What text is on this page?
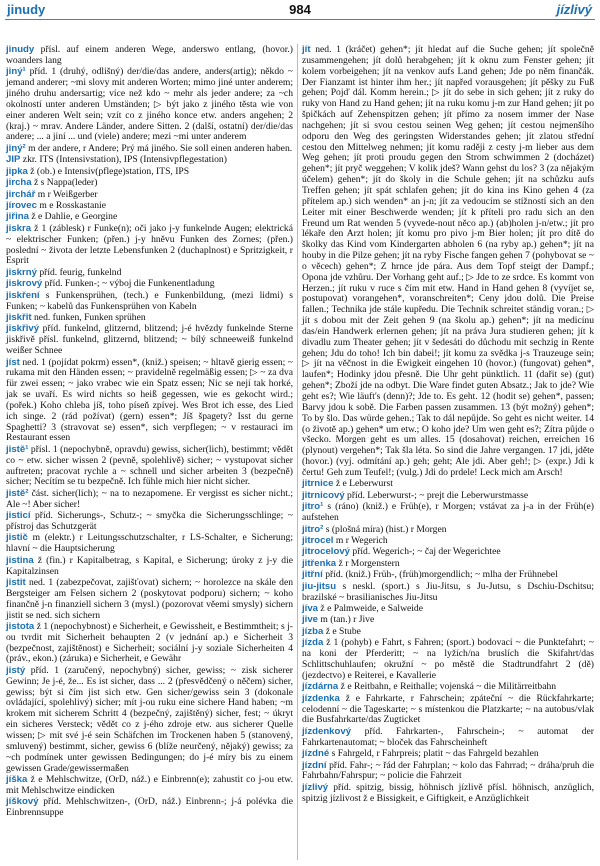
jinudy	984	jízlivý
jinudy přísl. auf einem anderen Wege, anderswo entlang, (hovor.) woanders lang
jiný¹ příd. 1 (druhý, odlišný) der/die/das andere, anders(artig); někdo ~ jemand anderer; ~mi slovy mit anderen Worten; mimo jiné unter anderem; jiného druhu andersartig; více než kdo ~ mehr als jeder andere; za ~ch okolností unter anderen Umständen; ▷ být jako z jiného těsta wie von einer anderen Welt sein; vzít co z jiného konce etw. anders angehen; 2 (kraj.) ~ mrav. Andere Länder, andere Sitten. 2 (další, ostatní) der/die/das andere; ... a jiní ... und (viele) andere; mezi ~mi unter anderem
jiný² m der andere, r Andere; Prý má jiného. Sie soll einen anderen haben.
JIP zkr. ITS (Intensivstation), IPS (Intensivpflegestation)
jipka ž (ob.) e Intensiv(pflege)station, ITS, IPS
jircha ž s Nappa(leder)
jirchář m r Weißgerber
jírovec m e Rosskastanie
jiřina ž e Dahlie, e Georgine
jiskra ž 1 (záblesk) r Funke(n); oči jako j-y funkelnde Augen; elektrická ~ elektrischer Funken; (přen.) j-y hněvu Funken des Zornes; (přen.) poslední ~ života der letzte Lebensfunken 2 (duchaplnost) e Spritzigkeit, r Esprit
jiskrný příd. feurig, funkelnd
jiskrový příd. Funken-; ~ výboj die Funkenentladung
jiskření s Funkensprühen, (tech.) e Funkenbildung, (mezi lidmi) s Funken; ~ kabelů das Funkensprühen von Kabeln
jiskřit ned. funken, Funken sprühen
jiskřivý příd. funkelnd, glitzernd, blitzend; j-é hvězdy funkelnde Sterne jiskřivě přísl. funkelnd, glitzernd, blitzend; ~ bílý schneeweiß funkelnd weißer Schnee
jíst ned. 1 (pojídat pokrm) essen*, (kniž.) speisen; ~ hltavě gierig essen; ~ rukama mit den Händen essen; ~ pravidelně regelmäßig essen; ▷ ~ za dva für zwei essen; ~ jako vrabec wie ein Spatz essen; Nic se nejí tak horké, jak se uvaří. Es wird nichts so heiß gegessen, wie es gekocht wird.; (pořek.) Koho chleba jíš, toho píseň zpívej. Wes Brot ich esse, des Lied ich singe. 2 (rád požívat) (gern) essen*; Jíš špagety? Isst du gerne Spaghetti? 3 (stravovat se) essen*, sich verpflegen; ~ v restauraci im Restaurant essen
jistě¹ přísl. 1 (nepochybně, opravdu) gewiss, sicher(lich), bestimmt; vědět co ~ etw. sicher wissen 2 (pevně, spolehlivě) sicher; ~ vystupovat sicher auftreten; pracovat rychle a ~ schnell und sicher arbeiten 3 (bezpečně) sicher; Necítím se tu bezpečně. Ich fühle mich hier nicht sicher.
jistě² část. sicher(lich); ~ na to nezapomene. Er vergisst es sicher nicht.; Ale ~! Aber sicher!
jisticí příd. Sicherungs-, Schutz-; ~ smyčka die Sicherungsschlinge; ~ přístroj das Schutzgerät
jistič m (elektr.) r Leitungsschutzschalter, r LS-Schalter, e Sicherung; hlavní ~ die Hauptsicherung
jistina ž (fin.) r Kapitalbetrag, s Kapital, e Sicherung; úroky z j-y die Kapitalzinsen
jistit ned. 1 (zabezpečovat, zajišťovat) sichern; ~ horolezce na skále den Bergsteiger am Felsen sichern 2 (poskytovat podporu) sichern; ~ koho finančně j-n finanziell sichern 3 (mysl.) (pozorovat věemi smysly) sichern jistit se ned. sich sichern
jistota ž 1 (nepochybnost) e Sicherheit, e Gewissheit, e Bestimmtheit; s j-ou tvrdit mit Sicherheit behaupten 2 (v jednání ap.) e Sicherheit 3 (bezpečnost, zajištěnost) e Sicherheit; sociální j-y soziale Sicherheiten 4 (práv., ekon.) (záruka) e Sicherheit, e Gewähr
jistý příd. 1 (zaručený, nepochybný) sicher, gewiss; ~ zisk sicherer Gewinn; Je j-é, že... Es ist sicher, dass ... 2 (přesvědčený o něčem) sicher, gewiss; být si čím jist sich etw. Gen sicher/gewiss sein 3 (dokonale ovládající, spolehlivý) sicher; mít j-ou ruku eine sichere Hand haben; ~m krokem mit sicherem Schritt 4 (bezpečný, zajištěný) sicher, fest; ~ úkryt ein sicheres Versteck; vědět co z j-ého zdroje etw. aus sicherer Quelle wissen; ▷ mít své j-é sein Schäfchen im Trockenen haben 5 (stanovený, smluvený) bestimmt, sicher, gewiss 6 (blíže neurčený, nějaký) gewiss; za ~ch podmínek unter gewissen Bedingungen; do j-é míry bis zu einem gewissen Grade/gewissermaßen
jíška ž e Mehlschwitze, (OrD, náž.) e Einbrenn(e); zahustit co j-ou etw. mit Mehlschwitze eindicken
jíškový příd. Mehlschwitzen-, (OrD, náž.) Einbrenn-; j-á polévka die Einbrennsuppe
jít ned. 1 (kráčet) gehen*; jít hledat auf die Suche gehen; jít společně zusammengehen; jít dolů herabgehen; jít k oknu zum Fenster gehen; jít kolem vorbeigehen; jít na venkov aufs Land gehen; Jde po něm finančák. Der Fianzamt ist hinter ihm her.; jít napřed vorausgehen; jít pěšky zu Fuß gehen; Pojď dál. Komm herein.; ▷ jít do sebe in sich gehen; jít z ruky do ruky von Hand zu Hand gehen; jít na ruku komu j-m zur Hand gehen; jít po špičkách auf Zehenspitzen gehen; jít přímo za nosem immer der Nase nachgehen; jít si svou cestou seinen Weg gehen; jít cestou nejmenšího odporu den Weg des geringsten Widerstandes gehen; jít zlatou střední cestou den Mittelweg nehmen; jít komu raději z cesty j-m lieber aus dem Weg gehen; jít proti proudu gegen den Strom schwimmen 2 (docházet) gehen*; jít pryč weggehen; V kolik jdeš? Wann gehst du los? 3 (za nějakým účelem) gehen*; jít do školy in die Schule gehen; jít na schůzku aufs Treffen gehen; jít spát schlafen gehen; jít do kina ins Kino gehen 4 (za přítelem ap.) sich wenden* an j-n; jít za vedoucím se stížností sich an den Leiter mit einer Beschwerde wenden; jít k příteli pro radu sich an den Freund um Rat wenden 5 (vyvede-nout něco ap.) (ab)holen j-n/etw.; jít pro lékaře den Arzt holen; jít komu pro pivo j-m Bier holen; jít pro dítě do školky das Kind vom Kindergarten abholen 6 (na ryby ap.) gehen*; jít na houby in die Pilze gehen; jít na ryby Fische fangen gehen 7 (pohybovat se ~ o věcech) gehen*; Z hrnce jde pára. Aus dem Topf steigt der Dampf.; Opona jde vzhůru. Der Vorhang geht auf.; ▷ Jde to ze srdce. Es kommt von Herzen.; jít ruku v ruce s čím mit etw. Hand in Hand gehen 8 (vyvíjet se, postupovat) vorangehen*, voranschreiten*; Ceny jdou dolů. Die Preise fallen.; Technika jde stále kupředu. Die Technik schreitet ständig voran.; ▷ jít s dobou mit der Zeit gehen 9 (na školu ap.) gehen*; jít na medicínu das/ein Handwerk erlernen gehen; jít na práva Jura studieren gehen; jít k divadlu zum Theater gehen; jít v šedesáti do důchodu mit sechzig in Rente gehen; Jdu do toho! Ich bin dabei!; jít komu za svědka j-s Trauzeuge sein; ▷ jít na věčnost in die Ewigkeit eingehen 10 (hovor.) (fungovat) gehen*, laufen*; Hodinky jdou přesně. Die Uhr geht pünktlich. 11 (dařit se) (gut) gehen*; Zboží jde na odbyt. Die Ware findet guten Absatz.; Jak to jde? Wie geht es?; Wie läuft's (denn)?; Jde to. Es geht. 12 (hodit se) gehen*, passen; Barvy jdou k sobě. Die Farben passen zusammen. 13 (být možný) gehen*; To by šlo. Das würde gehen.; Tak to dál nepůjde. So geht es nicht weiter. 14 (o životě ap.) gehen* um etw.; O koho jde? Um wen geht es?; Zítra půjde o všecko. Morgen geht es um alles. 15 (dosahovat) reichen, erreichen 16 (plynout) vergehen*; Tak šla léta. So sind die Jahre vergangen. 17 jdi, jděte (hovor.) (vyj. odmítání ap.) geh; geht; Ale jdi. Aber geh!; ▷ (expr.) Jdi k čertu! Geh zum Teufel!; (vulg.) Jdi do prdele! Leck mich am Arsch!
jitrnice ž e Leberwurst
jitrnicový příd. Leberwurst-; ~ prejt die Leberwurstmasse
jitro¹ s (ráno) (kniž.) e Früh(e), r Morgen; vstávat za j-a in der Früh(e) aufstehen
jitro² s (plošná míra) (hist.) r Morgen
jitrocel m r Wegerich
jitrocelový příd. Wegerich-; ~ čaj der Wegerichtee
jitřenka ž r Morgenstern
jitřní příd. (kniž.) Früh-, (früh)morgendlich; ~ mlha der Frühnebel
jiu-jitsu s neskl. (sport.) s Jiu-Jitsu, s Ju-Jutsu, s Dschiu-Dschitsu; brazilské ~ brasilianisches Jiu-Jitsu
jíva ž e Palmweide, e Salweide
jive m (tan.) r Jive
jízba ž e Stube
jízda ž 1 (pohyb) e Fahrt, s Fahren; (sport.) bodovací ~ die Punktefahrt; ~ na koni der Pferderitt; ~ na lyžích/na bruslích die Skifahrt/das Schlittschuhlaufen; okružní ~ po městě die Stadtrundfahrt 2 (dě) (jezdectvo) e Reiterei, e Kavallerie
jízdárna ž e Reitbahn, e Reithalle; vojenská ~ die Militärreitbahn
jízdenka ž e Fahrkarte, r Fahrschein; zpáteční ~ die Rückfahrkarte; celodenní ~ die Tageskarte; ~ s místenkou die Platzkarte; ~ na autobus/vlak die Busfahrkarte/das Zugticket
jízdenkový příd. Fahrkarten-, Fahrschein-; ~ automat der Fahrkartenautomat; ~ bloček das Fahrscheinheft
jízdné s Fahrgeld, r Fahrpreis; platit ~ das Fahrgeld bezahlen
jízdní příd. Fahr-; ~ řád der Fahrplan; ~ kolo das Fahrrad; ~ dráha/pruh die Fahrbahn/Fahrspur; ~ policie die Fahrzeit
jízlivý příd. spitzig, bissig, höhnisch jízlivě přísl. höhnisch, anzüglich, spitzig jízlivost ž e Bissigkeit, e Giftigkeit, e Anzüglichkeit
